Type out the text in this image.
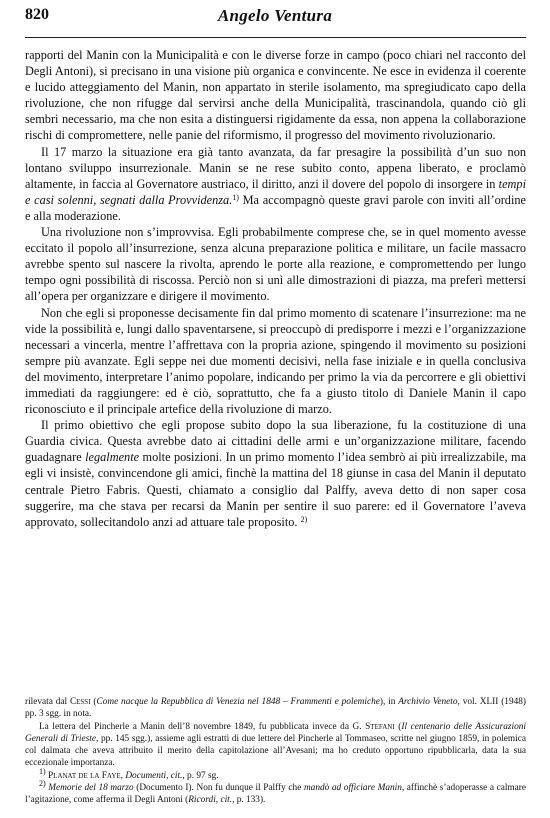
820	Angelo Ventura

rapporti del Manin con la Municipalità e con le diverse forze in campo (poco chiari nel racconto del Degli Antoni), si precisano in una visione più organica e convincente. Ne esce in evidenza il coerente e lucido atteggiamento del Manin, non appartato in sterile isolamento, ma spregiudicato capo della rivoluzione, che non rifugge dal servirsi anche della Municipalità, trascinandola, quando ciò gli sembri necessario, ma che non esita a distinguersi rigidamente da essa, non appena la collaborazione rischi di compromettere, nelle panie del riformismo, il progresso del movimento rivoluzionario.

Il 17 marzo la situazione era già tanto avanzata, da far presagire la possibilità d’un suo non lontano sviluppo insurrezionale. Manin se ne rese subito conto, appena liberato, e proclamò altamente, in faccia al Governatore austriaco, il diritto, anzi il dovere del popolo di insorgere in tempi e casi solenni, segnati dalla Provvidenza.$^{1)}$ Ma accompagnò queste gravi parole con inviti all’ordine e alla moderazione.

Una rivoluzione non s’improvvisa. Egli probabilmente comprese che, se in quel momento avesse eccitato il popolo all’insurrezione, senza alcuna preparazione politica e militare, un facile massacro avrebbe spento sul nascere la rivolta, aprendo le porte alla reazione, e compromettendo per lungo tempo ogni possibilità di riscossa. Perciò non si unì alle dimostrazioni di piazza, ma preferì mettersi all’opera per organizzare e dirigere il movimento.

Non che egli si proponesse decisamente fin dal primo momento di scatenare l’insurrezione: ma ne vide la possibilità e, lungi dallo spaventarsene, si preoccupò di predisporre i mezzi e l’organizzazione necessari a vincerla, mentre l’affrettava con la propria azione, spingendo il movimento su posizioni sempre più avanzate. Egli seppe nei due momenti decisivi, nella fase iniziale e in quella conclusiva del movimento, interpretare l’animo popolare, indicando per primo la via da percorrere e gli obiettivi immediati da raggiungere: ed è ciò, soprattutto, che fa a giusto titolo di Daniele Manin il capo riconosciuto e il principale artefice della rivoluzione di marzo.

Il primo obiettivo che egli propose subito dopo la sua liberazione, fu la costituzione di una Guardia civica. Questa avrebbe dato ai cittadini delle armi e un’organizzazione militare, facendo guadagnare legalmente molte posizioni. In un primo momento l’idea sembrò ai più irrealizzabile, ma egli vi insistè, convincendone gli amici, finchè la mattina del 18 giunse in casa del Manin il deputato centrale Pietro Fabris. Questi, chiamato a consiglio dal Palffy, aveva detto di non saper cosa suggerire, ma che stava per recarsi da Manin per sentire il suo parere: ed il Governatore l’aveva approvato, sollecitandolo anzi ad attuare tale proposito. $^{2)}$

rilevata dal Cessi (Come nacque la Repubblica di Venezia nel 1848 – Frammenti e polemiche), in Archivio Veneto, vol. XLII (1948) pp. 3 sgg. in nota.

La lettera del Pincherle a Manin dell’8 novembre 1849, fu pubblicata invece da G. Stefani (Il centenario delle Assicurazioni Generali di Trieste, pp. 145 sgg.), assieme agli estratti di due lettere del Pincherle al Tommaseo, scritte nel giugno 1859, in polemica col dalmata che aveva attribuito il merito della capitolazione all’Avesani; ma ho creduto opportuno ripubblicarla, data la sua eccezionale importanza.

$^{1)}$ Planat de la Faye, Documenti, cit., p. 97 sg.

$^{2)}$ Memorie del 18 marzo (Documento I). Non fu dunque il Palffy che mandò ad officiare Manin, affinchè s’adoperasse a calmare l’agitazione, come afferma il Degli Antoni (Ricordi, cit., p. 133).
